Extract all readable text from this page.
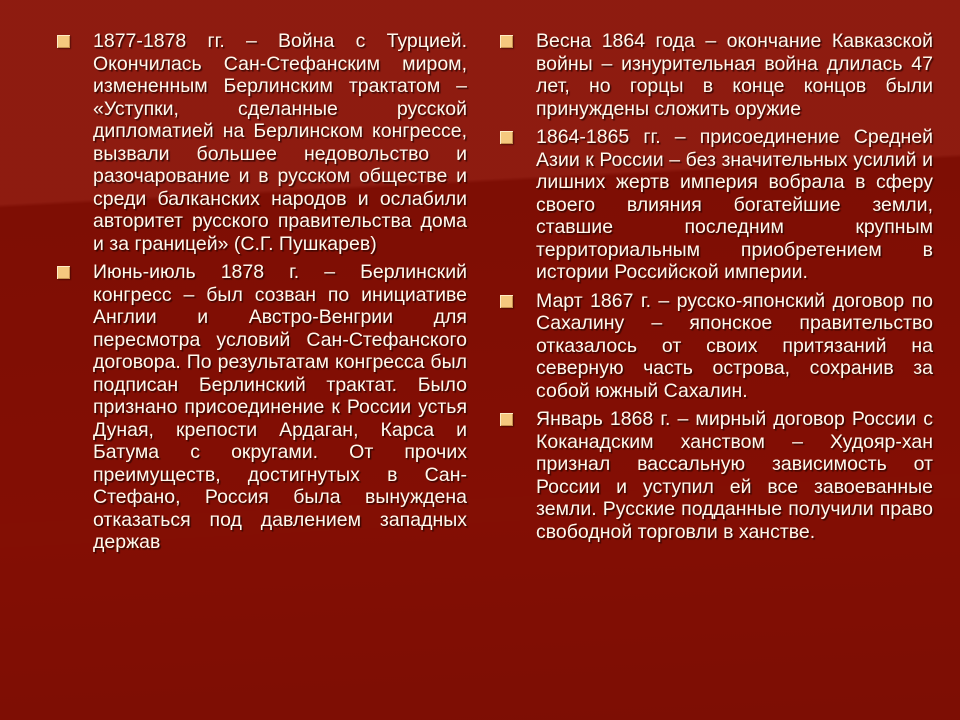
1877-1878 гг. – Война с Турцией. Окончилась Сан-Стефанским миром, измененным Берлинским трактатом – «Уступки, сделанные русской дипломатией на Берлинском конгрессе, вызвали большее недовольство и разочарование и в русском обществе и среди балканских народов и ослабили авторитет русского правительства дома и за границей» (С.Г. Пушкарев)

Июнь-июль 1878 г. – Берлинский конгресс – был созван по инициативе Англии и Австро-Венгрии для пересмотра условий Сан-Стефанского договора. По результатам конгресса был подписан Берлинский трактат. Было признано присоединение к России устья Дуная, крепости Ардаган, Карса и Батума с округами. От прочих преимуществ, достигнутых в Сан-Стефано, Россия была вынуждена отказаться под давлением западных держав

Весна 1864 года – окончание Кавказской войны – изнурительная война длилась 47 лет, но горцы в конце концов были принуждены сложить оружие

1864-1865 гг. – присоединение Средней Азии к России – без значительных усилий и лишних жертв империя вобрала в сферу своего влияния богатейшие земли, ставшие последним крупным территориальным приобретением в истории Российской империи.

Март 1867 г. – русско-японский договор по Сахалину – японское правительство отказалось от своих притязаний на северную часть острова, сохранив за собой южный Сахалин.

Январь 1868 г. – мирный договор России с Коканадским ханством – Худояр-хан признал вассальную зависимость от России и уступил ей все завоеванные земли. Русские подданные получили право свободной торговли в ханстве.
